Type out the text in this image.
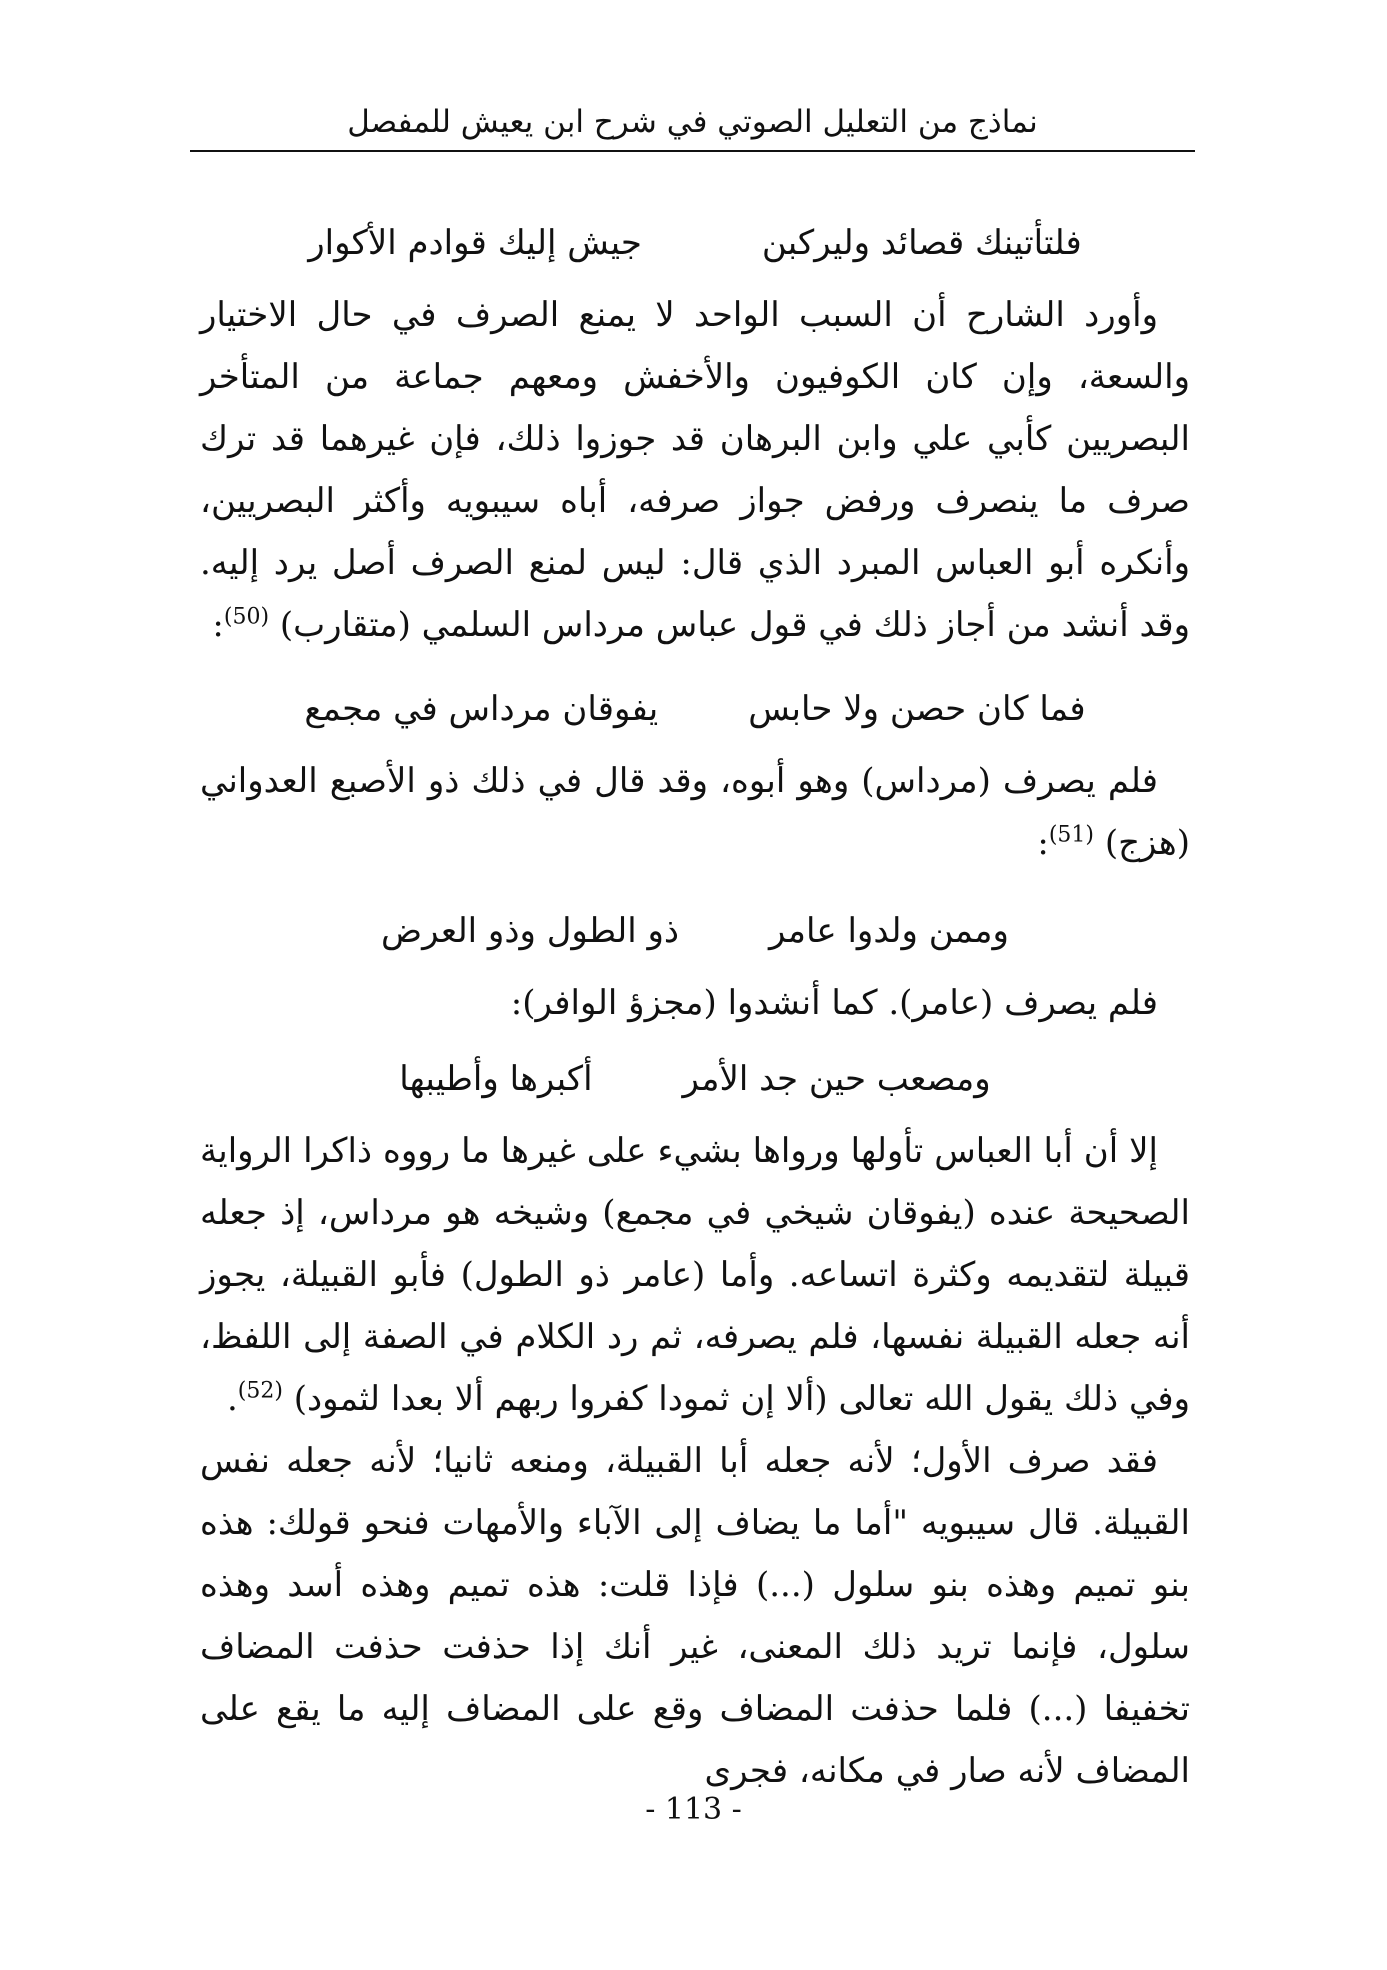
نماذج من التعليل الصوتي في شرح ابن يعيش للمفصل
فلتأتينك قصائد وليركبن
جيش إليك قوادم الأكوار

وأورد الشارح أن السبب الواحد لا يمنع الصرف في حال الاختيار والسعة، وإن كان الكوفيون والأخفش ومعهم جماعة من المتأخر البصريين كأبي علي وابن البرهان قد جوزوا ذلك، فإن غيرهما قد ترك صرف ما ينصرف ورفض جواز صرفه، أباه سيبويه وأكثر البصريين، وأنكره أبو العباس المبرد الذي قال: ليس لمنع الصرف أصل يرد إليه. وقد أنشد من أجاز ذلك في قول عباس مرداس السلمي (متقارب) $^{(50)}$:

فما كان حصن ولا حابس
يفوقان مرداس في مجمع

فلم يصرف (مرداس) وهو أبوه، وقد قال في ذلك ذو الأصبع العدواني (هزج) $^{(51)}$:

وممن ولدوا عامر
ذو الطول وذو العرض

فلم يصرف (عامر). كما أنشدوا (مجزؤ الوافر):

ومصعب حين جد الأمر
أكبرها وأطيبها

إلا أن أبا العباس تأولها ورواها بشيء على غيرها ما رووه ذاكرا الرواية الصحيحة عنده (يفوقان شيخي في مجمع) وشيخه هو مرداس، إذ جعله قبيلة لتقديمه وكثرة اتساعه. وأما (عامر ذو الطول) فأبو القبيلة، يجوز أنه جعله القبيلة نفسها، فلم يصرفه، ثم رد الكلام في الصفة إلى اللفظ، وفي ذلك يقول الله تعالى (ألا إن ثمودا كفروا ربهم ألا بعدا لثمود) $^{(52)}$.

فقد صرف الأول؛ لأنه جعله أبا القبيلة، ومنعه ثانيا؛ لأنه جعله نفس القبيلة. قال سيبويه "أما ما يضاف إلى الآباء والأمهات فنحو قولك: هذه بنو تميم وهذه بنو سلول (...) فإذا قلت: هذه تميم وهذه أسد وهذه سلول، فإنما تريد ذلك المعنى، غير أنك إذا حذفت حذفت المضاف تخفيفا (...) فلما حذفت المضاف وقع على المضاف إليه ما يقع على المضاف لأنه صار في مكانه، فجرى

- 113 -
